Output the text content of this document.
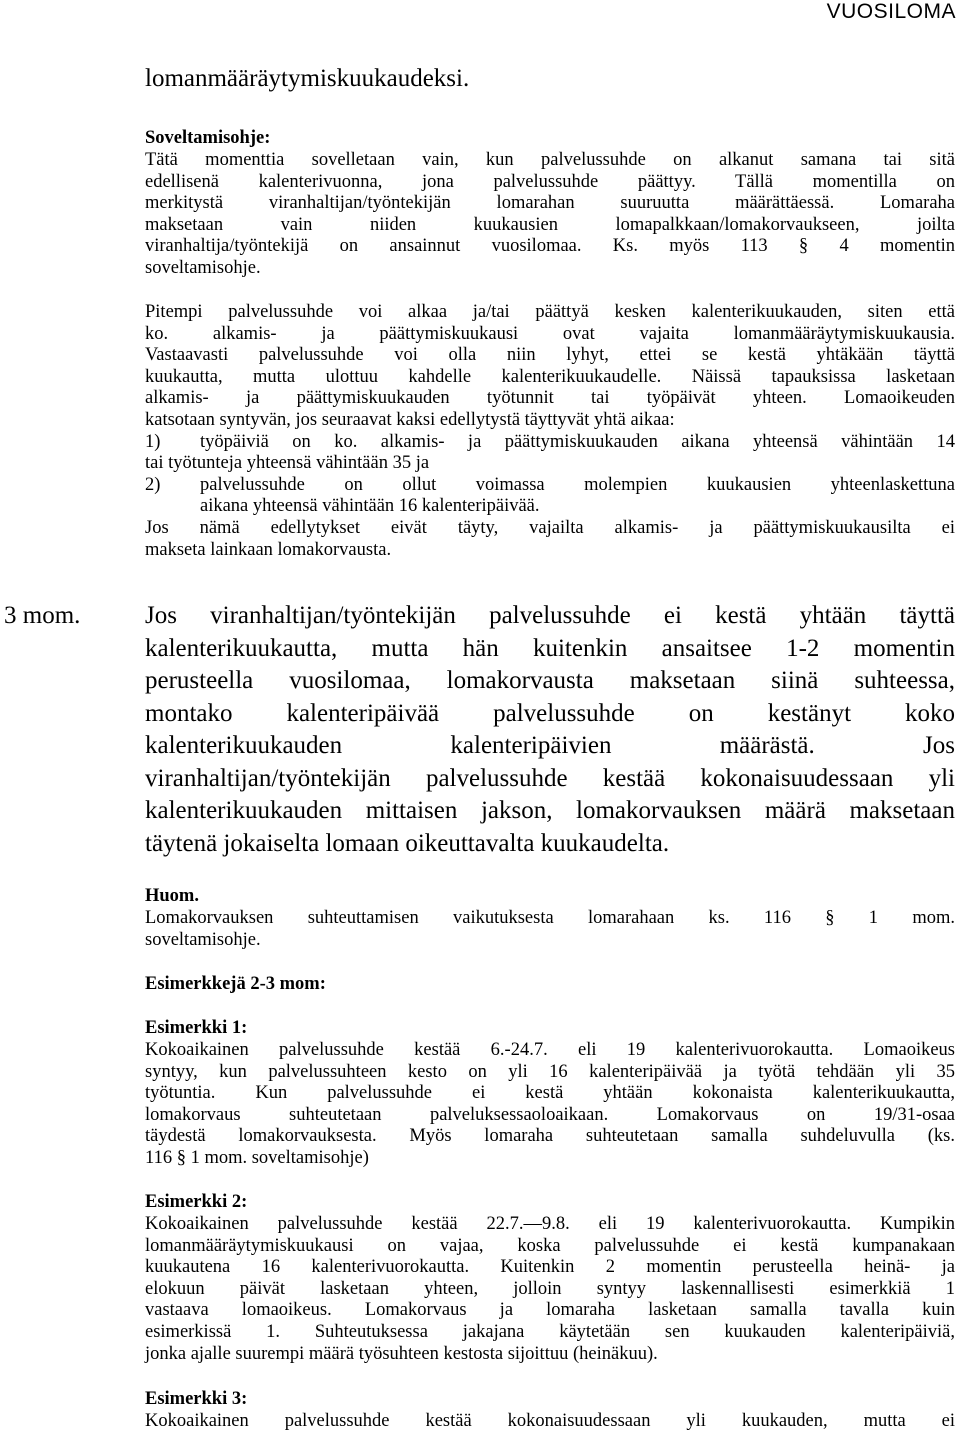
VUOSILOMA
lomanmääräytymiskuukaudeksi.
Soveltamisohje:
Tätä momenttia sovelletaan vain, kun palvelussuhde on alkanut samana tai sitä
edellisenä kalenterivuonna, jona palvelussuhde päättyy. Tällä momentilla on
merkitystä viranhaltijan/työntekijän lomarahan suuruutta määrättäessä. Lomaraha
maksetaan vain niiden kuukausien lomapalkkaan/lomakorvaukseen, joilta
viranhaltija/työntekijä on ansainnut vuosilomaa. Ks. myös 113 § 4 momentin
soveltamisohje.
Pitempi palvelussuhde voi alkaa ja/tai päättyä kesken kalenterikuukauden, siten että
ko. alkamis- ja päättymiskuukausi ovat vajaita lomanmääräytymiskuukausia.
Vastaavasti palvelussuhde voi olla niin lyhyt, ettei se kestä yhtäkään täyttä
kuukautta, mutta ulottuu kahdelle kalenterikuukaudelle. Näissä tapauksissa lasketaan
alkamis- ja päättymiskuukauden työtunnit tai työpäivät yhteen. Lomaoikeuden
katsotaan syntyvän, jos seuraavat kaksi edellytystä täyttyvät yhtä aikaa:
1)	työpäiviä on ko. alkamis- ja päättymiskuukauden aikana yhteensä vähintään 14
tai työtunteja yhteensä vähintään 35 ja
2)	palvelussuhde on ollut voimassa molempien kuukausien yhteenlaskettuna
aikana yhteensä vähintään 16 kalenteripäivää.
Jos nämä edellytykset eivät täyty, vajailta alkamis- ja päättymiskuukausilta ei
makseta lainkaan lomakorvausta.
3 mom.	Jos viranhaltijan/työntekijän palvelussuhde ei kestä yhtään täyttä
kalenterikuukautta, mutta hän kuitenkin ansaitsee 1-2 momentin
perusteella vuosilomaa, lomakorvausta maksetaan siinä suhteessa,
montako kalenteripäivää palvelussuhde on kestänyt koko
kalenterikuukauden kalenteripäivien määrästä. Jos
viranhaltijan/työntekijän palvelussuhde kestää kokonaisuudessaan yli
kalenterikuukauden mittaisen jakson, lomakorvauksen määrä maksetaan
täytenä jokaiselta lomaan oikeuttavalta kuukaudelta.
Huom.
Lomakorvauksen suhteuttamisen vaikutuksesta lomarahaan ks. 116 § 1 mom.
soveltamisohje.
Esimerkkejä 2-3 mom:
Esimerkki 1:
Kokoaikainen palvelussuhde kestää 6.-24.7. eli 19 kalenterivuorokautta. Lomaoikeus
syntyy, kun palvelussuhteen kesto on yli 16 kalenteripäivää ja työtä tehdään yli 35
työtuntia. Kun palvelussuhde ei kestä yhtään kokonaista kalenterikuukautta,
lomakorvaus suhteutetaan palveluksessaoloaikaan. Lomakorvaus on 19/31-osaa
täydestä lomakorvauksesta. Myös lomaraha suhteutetaan samalla suhdeluvulla (ks.
116 § 1 mom. soveltamisohje)
Esimerkki 2:
Kokoaikainen palvelussuhde kestää 22.7.—9.8. eli 19 kalenterivuorokautta. Kumpikin
lomanmääräytymiskuukausi on vajaa, koska palvelussuhde ei kestä kumpanakaan
kuukautena 16 kalenterivuorokautta. Kuitenkin 2 momentin perusteella heinä- ja
elokuun päivät lasketaan yhteen, jolloin syntyy laskennallisesti esimerkkiä 1
vastaava lomaoikeus. Lomakorvaus ja lomaraha lasketaan samalla tavalla kuin
esimerkissä 1. Suhteutuksessa jakajana käytetään sen kuukauden kalenteripäiviä,
jonka ajalle suurempi määrä työsuhteen kestosta sijoittuu (heinäkuu).
Esimerkki 3:
Kokoaikainen palvelussuhde kestää kokonaisuudessaan yli kuukauden, mutta ei
